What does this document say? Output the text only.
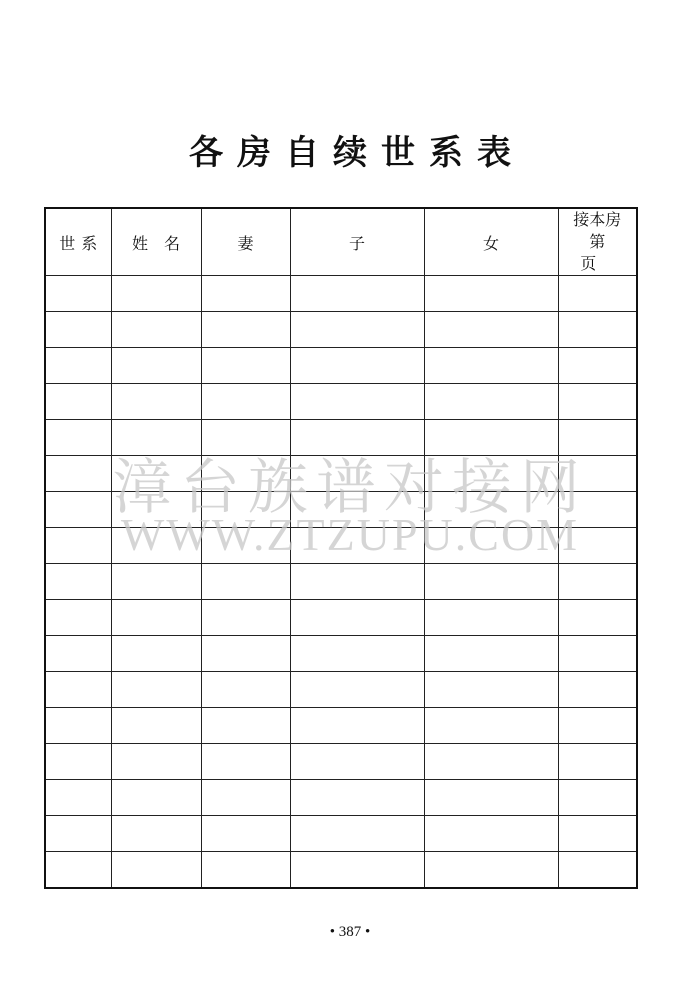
各房自续世系表
世系	姓名	妻	子	女	接本房
第页

漳台族谱对接网
WWW.ZTZUPU.COM
• 387 •
